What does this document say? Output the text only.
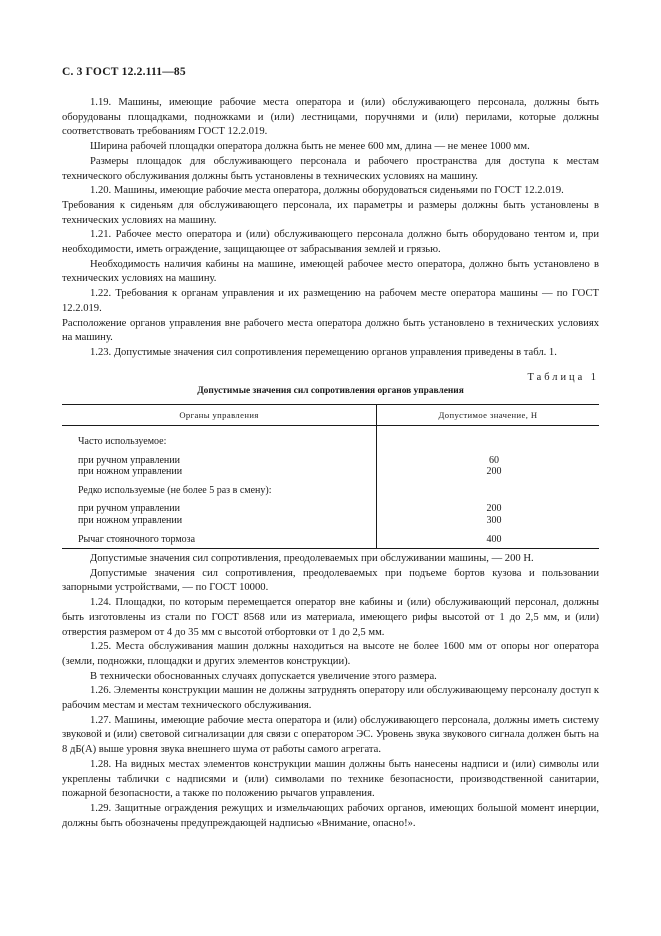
С. 3 ГОСТ 12.2.111—85

1.19. Машины, имеющие рабочие места оператора и (или) обслуживающего персонала, должны быть оборудованы площадками, подножками и (или) лестницами, поручнями и (или) перилами, которые должны соответствовать требованиям ГОСТ 12.2.019.

Ширина рабочей площадки оператора должна быть не менее 600 мм, длина — не менее 1000 мм.

Размеры площадок для обслуживающего персонала и рабочего пространства для доступа к местам технического обслуживания должны быть установлены в технических условиях на машину.

1.20. Машины, имеющие рабочие места оператора, должны оборудоваться сиденьями по ГОСТ 12.2.019.

Требования к сиденьям для обслуживающего персонала, их параметры и размеры должны быть установлены в технических условиях на машину.

1.21. Рабочее место оператора и (или) обслуживающего персонала должно быть оборудовано тентом и, при необходимости, иметь ограждение, защищающее от забрасывания землей и грязью.

Необходимость наличия кабины на машине, имеющей рабочее место оператора, должно быть установлено в технических условиях на машину.

1.22. Требования к органам управления и их размещению на рабочем месте оператора машины — по ГОСТ 12.2.019.

Расположение органов управления вне рабочего места оператора должно быть установлено в технических условиях на машину.

1.23. Допустимые значения сил сопротивления перемещению органов управления приведены в табл. 1.

Таблица 1
Допустимые значения сил сопротивления органов управления
Органы управления	Допустимое значение, Н
Часто используемое:	

при ручном управлении	60
при ножном управлении	200

Редко используемые (не более 5 раз в смену):	

при ручном управлении	200
при ножном управлении	300

Рычаг стояночного тормоза	400

Допустимые значения сил сопротивления, преодолеваемых при обслуживании машины, — 200 Н.

Допустимые значения сил сопротивления, преодолеваемых при подъеме бортов кузова и пользовании запорными устройствами, — по ГОСТ 10000.

1.24. Площадки, по которым перемещается оператор вне кабины и (или) обслуживающий персонал, должны быть изготовлены из стали по ГОСТ 8568 или из материала, имеющего рифы высотой от 1 до 2,5 мм, и (или) отверстия размером от 4 до 35 мм с высотой отбортовки от 1 до 2,5 мм.

1.25. Места обслуживания машин должны находиться на высоте не более 1600 мм от опоры ног оператора (земли, подножки, площадки и других элементов конструкции).

В технически обоснованных случаях допускается увеличение этого размера.

1.26. Элементы конструкции машин не должны затруднять оператору или обслуживающему персоналу доступ к рабочим местам и местам технического обслуживания.

1.27. Машины, имеющие рабочие места оператора и (или) обслуживающего персонала, должны иметь систему звуковой и (или) световой сигнализации для связи с оператором ЭС. Уровень звука звукового сигнала должен быть на 8 дБ(А) выше уровня звука внешнего шума от работы самого агрегата.

1.28. На видных местах элементов конструкции машин должны быть нанесены надписи и (или) символы или укреплены таблички с надписями и (или) символами по технике безопасности, производственной санитарии, пожарной безопасности, а также по положению рычагов управления.

1.29. Защитные ограждения режущих и измельчающих рабочих органов, имеющих большой момент инерции, должны быть обозначены предупреждающей надписью «Внимание, опасно!».
